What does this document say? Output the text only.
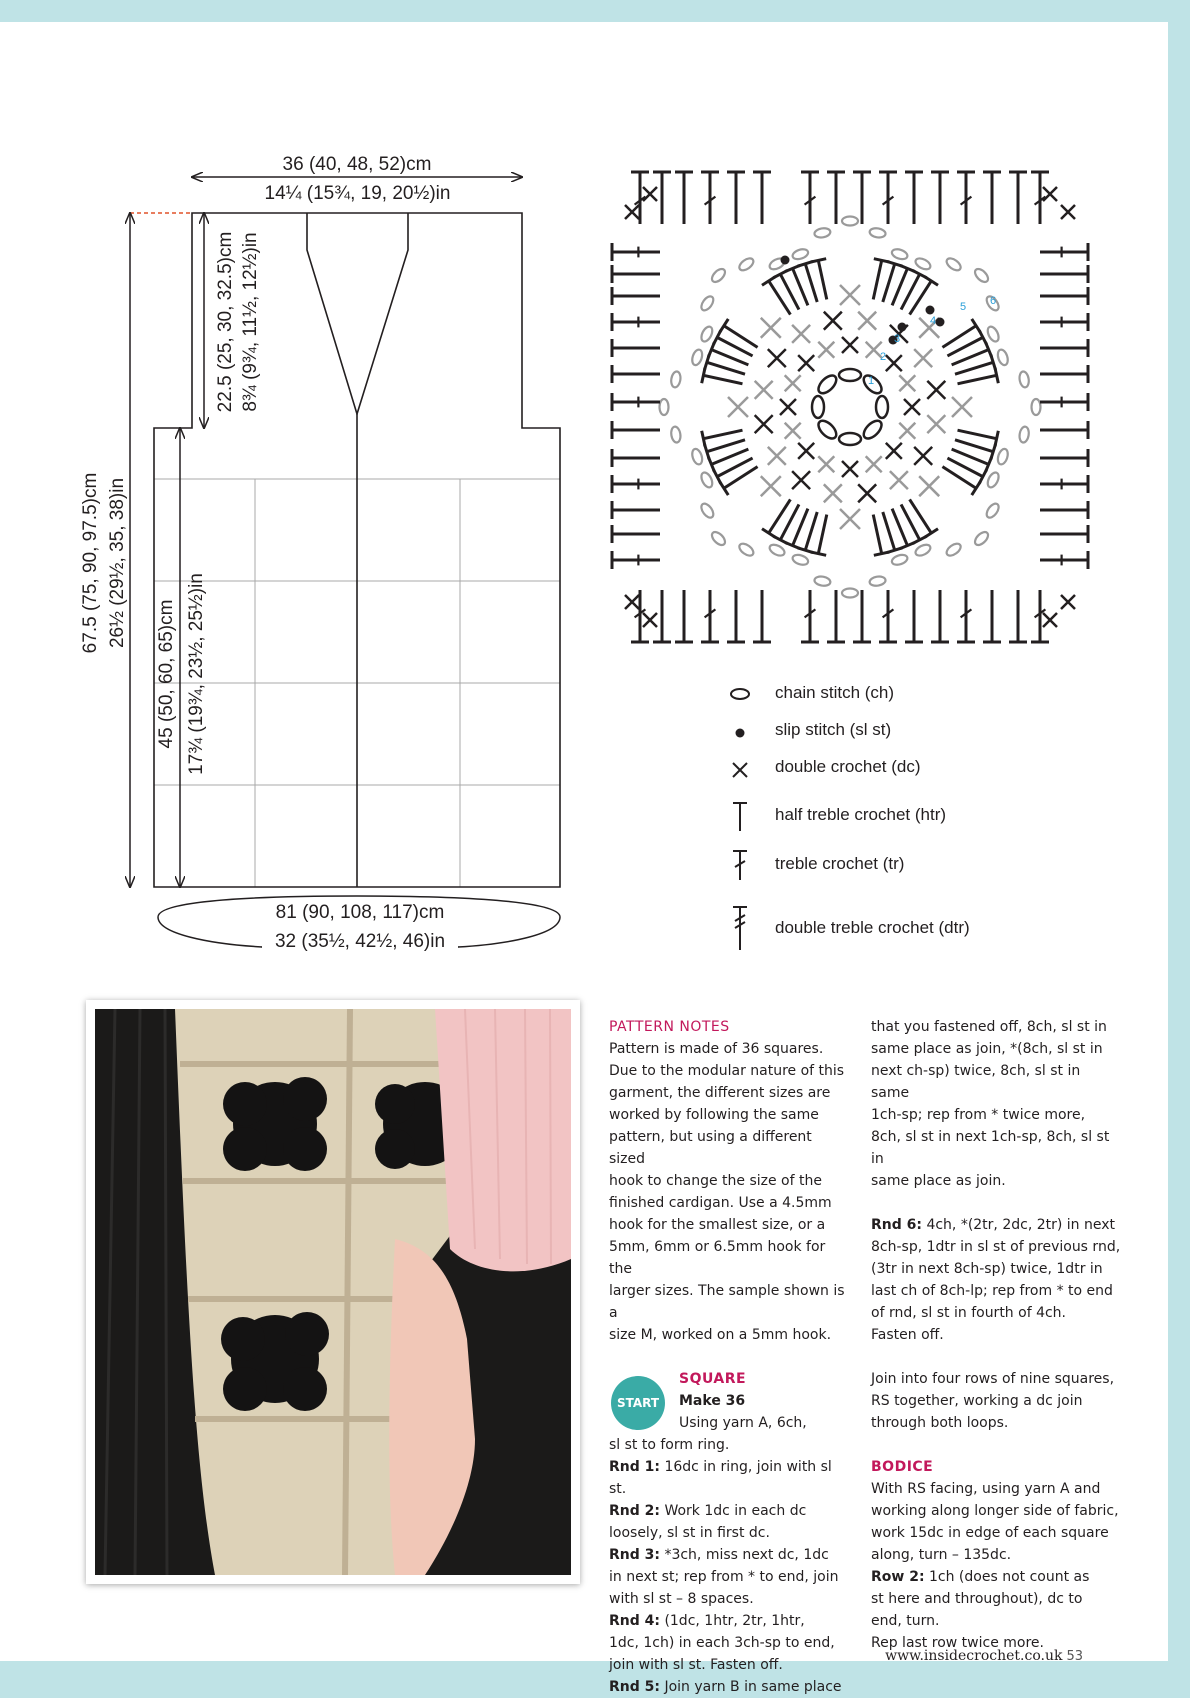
36 (40, 48, 52)cm
14¼ (15¾, 19, 20½)in
67.5 (75, 90, 97.5)cm 26½ (29½, 35, 38)in
22.5 (25, 30, 32.5)cm 8¾ (9¾, 11½, 12½)in
45 (50, 60, 65)cm 17¾ (19¾, 23½, 25½)in
81 (90, 108, 117)cm
32 (35½, 42½, 46)in
1
2
3
4
5 6
chain stitch (ch)
slip stitch (sl st)
double crochet (dc)
half treble crochet (htr)
treble crochet (tr)
double treble crochet (dtr)

PATTERN NOTES

Pattern is made of 36 squares.

Due to the modular nature of this

garment, the different sizes are

worked by following the same

pattern, but using a different sized

hook to change the size of the

finished cardigan. Use a 4.5mm

hook for the smallest size, or a

5mm, 6mm or 6.5mm hook for the

larger sizes. The sample shown is a

size M, worked on a 5mm hook.

START

SQUARE

Make 36

Using yarn A, 6ch,

sl st to form ring.

Rnd 1: 16dc in ring, join with sl st.

Rnd 2: Work 1dc in each dc

loosely, sl st in first dc.

Rnd 3: *3ch, miss next dc, 1dc

in next st; rep from * to end, join

with sl st – 8 spaces.

Rnd 4: (1dc, 1htr, 2tr, 1htr,

1dc, 1ch) in each 3ch-sp to end,

join with sl st. Fasten off.

Rnd 5: Join yarn B in same place

that you fastened off, 8ch, sl st in

same place as join, *(8ch, sl st in

next ch-sp) twice, 8ch, sl st in same

1ch-sp; rep from * twice more,

8ch, sl st in next 1ch-sp, 8ch, sl st in

same place as join.

Rnd 6: 4ch, *(2tr, 2dc, 2tr) in next

8ch-sp, 1dtr in sl st of previous rnd,

(3tr in next 8ch-sp) twice, 1dtr in

last ch of 8ch-lp; rep from * to end

of rnd, sl st in fourth of 4ch.

Fasten off.

Join into four rows of nine squares,

RS together, working a dc join

through both loops.

BODICE

With RS facing, using yarn A and

working along longer side of fabric,

work 15dc in edge of each square

along, turn – 135dc.

Row 2: 1ch (does not count as

st here and throughout), dc to

end, turn.

Rep last row twice more.

www.insidecrochet.co.uk 53
